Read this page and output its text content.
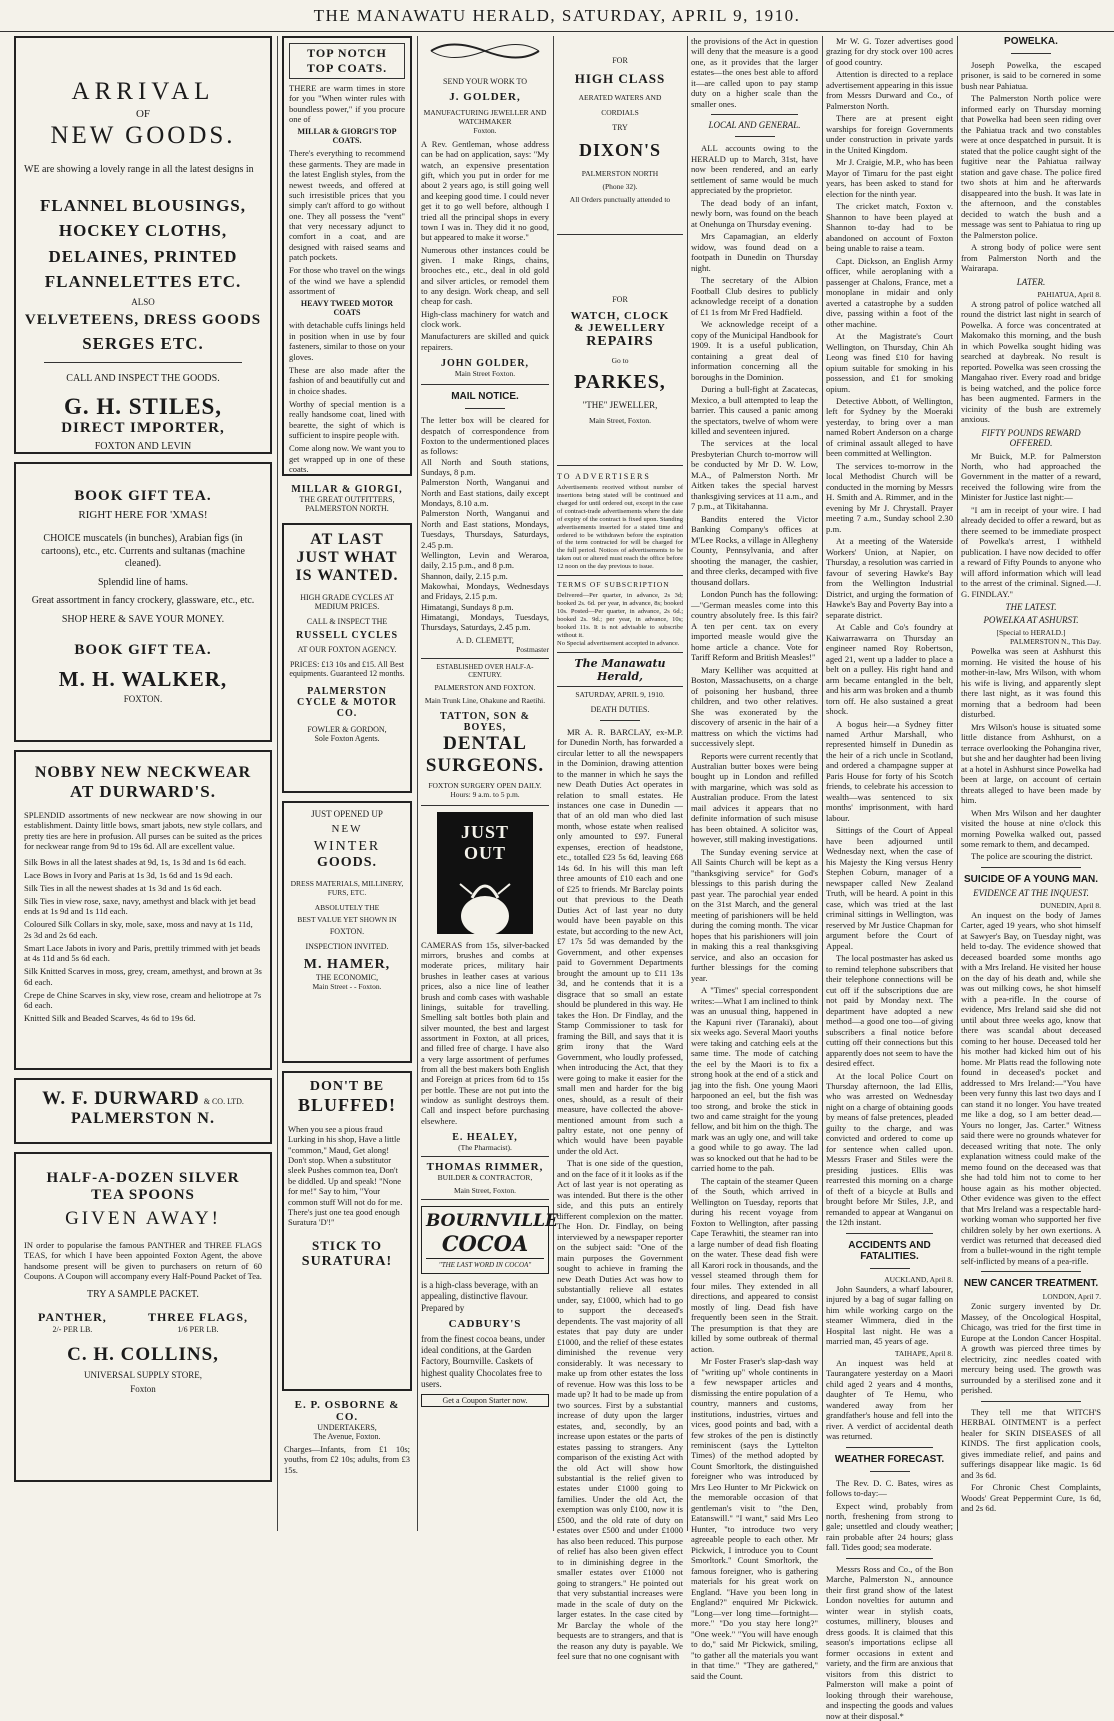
THE MANAWATU HERALD, SATURDAY, APRIL 9, 1910.
ARRIVAL
OF
NEW GOODS.
WE are showing a lovely range in all the latest designs in
FLANNEL BLOUSINGS,
HOCKEY CLOTHS,
DELAINES, PRINTED
FLANNELETTES ETC.
ALSO
VELVETEENS, DRESS GOODS
SERGES ETC.
CALL AND INSPECT THE GOODS.
G. H. STILES,
DIRECT IMPORTER,
FOXTON AND LEVIN
BOOK GIFT TEA.
RIGHT HERE FOR 'XMAS!
CHOICE muscatels (in bunches), Arabian figs (in cartoons), etc., etc. Currents and sultanas (machine cleaned).
Splendid line of hams.
Great assortment in fancy crockery, glassware, etc., etc.
SHOP HERE & SAVE YOUR MONEY.
BOOK GIFT TEA.
M. H. WALKER,
FOXTON.
NOBBY NEW NECKWEAR
AT DURWARD'S.
SPLENDID assortments of new neckwear are now showing in our establishment. Dainty little bows, smart jabots, new style collars, and pretty ties are here in profusion. All purses can be suited as the prices for neckwear range from 9d to 19s 6d. All are excellent value.
Silk Bows in all the latest shades at 9d, 1s, 1s 3d and 1s 6d each.
Lace Bows in Ivory and Paris at 1s 3d, 1s 6d and 1s 9d each.
Silk Ties in all the newest shades at 1s 3d and 1s 6d each.
Silk Ties in view rose, saxe, navy, amethyst and black with jet bead ends at 1s 9d and 1s 11d each.
Coloured Silk Collars in sky, mole, saxe, moss and navy at 1s 11d, 2s 3d and 2s 6d each.
Smart Lace Jabots in ivory and Paris, prettily trimmed with jet beads at 4s 11d and 5s 6d each.
Silk Knitted Scarves in moss, grey, cream, amethyst, and brown at 3s 6d each.
Crepe de Chine Scarves in sky, view rose, cream and heliotrope at 7s 6d each.
Knitted Silk and Beaded Scarves, 4s 6d to 19s 6d.
W. F. DURWARD & CO. LTD.
PALMERSTON N.
HALF-A-DOZEN SILVER
TEA SPOONS
GIVEN AWAY!
IN order to popularise the famous PANTHER and THREE FLAGS TEAS, for which I have been appointed Foxton Agent, the above handsome present will be given to purchasers on return of 60 Coupons. A Coupon will accompany every Half-Pound Packet of Tea.
TRY A SAMPLE PACKET.
PANTHER,
2/- PER LB.
THREE FLAGS,
1/6 PER LB.
C. H. COLLINS,
UNIVERSAL SUPPLY STORE,
Foxton
TOP NOTCH
TOP COATS.
THERE are warm times in store for you "When winter rules with boundless power," if you procure one of
MILLAR & GIORGI'S TOP COATS.
There's everything to recommend these garments. They are made in the latest English styles, from the newest tweeds, and offered at such irresistible prices that you simply can't afford to go without one. They all possess the "vent" that very necessary adjunct to comfort in a coat, and are designed with raised seams and patch pockets.
For those who travel on the wings of the wind we have a splendid assortment of
HEAVY TWEED MOTOR COATS
with detachable cuffs linings held in position when in use by four fasteners, similar to those on your gloves.
These are also made after the fashion of and beautifully cut and in choice shades.
Worthy of special mention is a really handsome coat, lined with bearette, the sight of which is sufficient to inspire people with.
Come along now. We want you to get wrapped up in one of these coats.
MILLAR & GIORGI,
THE GREAT OUTFITTERS,
PALMERSTON NORTH.
AT LAST
JUST WHAT
IS WANTED.
HIGH GRADE CYCLES AT MEDIUM PRICES.
CALL & INSPECT THE
RUSSELL CYCLES
AT OUR FOXTON AGENCY.
PRICES: £13 10s and £15. All Best equipments. Guaranteed 12 months.
PALMERSTON CYCLE & MOTOR CO.
FOWLER & GORDON,
Sole Foxton Agents.
JUST OPENED UP
NEW
WINTER
GOODS.
DRESS MATERIALS, MILLINERY, FURS, ETC.
ABSOLUTELY THE
BEST VALUE YET SHOWN IN
FOXTON.
INSPECTION INVITED.
M. HAMER,
THE ECONOMIC,
Main Street - - Foxton.
DON'T BE
BLUFFED!
When you see a pious fraud Lurking in his shop, Have a little "common," Maud, Get along! Don't stop. When a substitutor sleek Pushes common tea, Don't be diddled. Up and speak! "None for me!" Say to him, "Your common stuff Will not do for me. There's just one tea good enough Suratura 'D'!"
STICK TO
SURATURA!
E. P. OSBORNE & CO.
UNDERTAKERS,
The Avenue, Foxton.
Charges—Infants, from £1 10s; youths, from £2 10s; adults, from £3 15s.
SEND YOUR WORK TO
J. GOLDER,
MANUFACTURING JEWELLER AND WATCHMAKER
Foxton.
A Rev. Gentleman, whose address can be had on application, says: "My watch, an expensive presentation gift, which you put in order for me about 2 years ago, is still going well and keeping good time. I could never get it to go well before, although I tried all the principal shops in every town I was in. They did it no good, but appeared to make it worse."
Numerous other instances could be given. I make Rings, chains, brooches etc., etc., deal in old gold and silver articles, or remodel them to any design. Work cheap, and sell cheap for cash.
High-class machinery for watch and clock work.
Manufacturers are skilled and quick repairers.
JOHN GOLDER,
Main Street Foxton.
MAIL NOTICE.
The letter box will be cleared for despatch of correspondence from Foxton to the undermentioned places as follows:
All North and South stations, Sundays, 8 p.m.
Palmerston North, Wanganui and North and East stations, daily except Mondays, 8.10 a.m.
Palmerston North, Wanganui and North and East stations, Mondays, Tuesdays, Thursdays, Saturdays, 2.45 p.m.
Wellington, Levin and Weraroa, daily, 2.15 p.m., and 8 p.m.
Shannon, daily, 2.15 p.m.
Makowhai, Mondays, Wednesdays and Fridays, 2.15 p.m.
Himatangi, Sundays 8 p.m.
Himatangi, Mondays, Tuesdays, Thursdays, Saturdays, 2.45 p.m.
A. D. CLEMETT,
Postmaster
ESTABLISHED OVER HALF-A-CENTURY.
PALMERSTON AND FOXTON.
Main Trunk Line, Ohakune and Raetihi.
TATTON, SON & BOYES,
DENTAL
SURGEONS.
FOXTON SURGERY OPEN DAILY.
Hours: 9 a.m. to 5 p.m.
JUST OUT
CAMERAS from 15s, silver-backed mirrors, brushes and combs at moderate prices, military hair brushes in leather cases at various prices, also a nice line of leather brush and comb cases with washable linings, suitable for travelling. Smelling salt bottles both plain and silver mounted, the best and largest assortment in Foxton, at all prices, and filled free of charge. I have also a very large assortment of perfumes from all the best makers both English and Foreign at prices from 6d to 15s per bottle. These are not put into the window as sunlight destroys them. Call and inspect before purchasing elsewhere.
E. HEALEY,
(The Pharmacist).
THOMAS RIMMER,
BUILDER & CONTRACTOR,
Main Street, Foxton.
BOURNVILLE
COCOA
"THE LAST WORD IN COCOA"
is a high-class beverage, with an appealing, distinctive flavour. Prepared by
CADBURY'S
from the finest cocoa beans, under ideal conditions, at the Garden Factory, Bournville. Caskets of highest quality Chocolates free to users.
Get a Coupon Starter now.
FOR
HIGH CLASS
AERATED WATERS AND
CORDIALS
TRY
DIXON'S
PALMERSTON NORTH
(Phone 32).
All Orders punctually attended to
FOR
WATCH, CLOCK
& JEWELLERY
REPAIRS
Go to
PARKES,
"THE" JEWELLER,
Main Street, Foxton.
TO ADVERTISERS
Advertisements received without number of insertions being stated will be continued and charged for until ordered out, except in the case of contract-trade advertisements where the date of expiry of the contract is fixed upon. Standing advertisements inserted for a stated time and ordered to be withdrawn before the expiration of the term contracted for will be charged for the full period. Notices of advertisements to be taken out or altered must reach the office before 12 noon on the day previous to issue.
TERMS OF SUBSCRIPTION
Delivered—Per quarter, in advance, 2s 3d; booked 2s. 6d. per year, in advance, 8s; booked 10s. Posted—Per quarter, in advance, 2s 6d.; booked 2s. 9d.; per year, in advance, 10s; booked 11s. It is not advisable to subscribe without it.
No Special advertisement accepted in advance.
The Manawatu Herald,
SATURDAY, APRIL 9, 1910.
DEATH DUTIES.

MR A. R. BARCLAY, ex-M.P. for Dunedin North, has forwarded a circular letter to all the newspapers in the Dominion, drawing attention to the manner in which he says the new Death Duties Act operates in relation to small estates. He instances one case in Dunedin —that of an old man who died last month, whose estate when realised only amounted to £97. Funeral expenses, erection of headstone, etc., totalled £23 5s 6d, leaving £68 14s 6d. In his will this man left three amounts of £10 each and one of £25 to friends. Mr Barclay points out that previous to the Death Duties Act of last year no duty would have been payable on this estate, but according to the new Act, £7 17s 5d was demanded by the Government, and other expenses paid to Government Departments brought the amount up to £11 13s 3d, and he contends that it is a disgrace that so small an estate should be plundered in this way. He takes the Hon. Dr Findlay, and the Stamp Commissioner to task for framing the Bill, and says that it is grim irony that the Ward Government, who loudly professed, when introducing the Act, that they were going to make it easier for the small men and harder for the big ones, should, as a result of their measure, have collected the above-mentioned amount from such a paltry estate, not one penny of which would have been payable under the old Act.

That is one side of the question, and on the face of it it looks as if the Act of last year is not operating as was intended. But there is the other side, and this puts an entirely different complexion on the matter. The Hon. Dr. Findlay, on being interviewed by a newspaper reporter on the subject said: "One of the main purposes the Government sought to achieve in framing the new Death Duties Act was how to substantially relieve all estates under, say, £1000, which had to go to support the deceased's dependents. The vast majority of all estates that pay duty are under £1000, and the relief of these estates diminished the revenue very considerably. It was necessary to make up from other estates the loss of revenue. How was this loss to be made up? It had to be made up from two sources. First by a substantial increase of duty upon the larger estates, and, secondly, by an increase upon estates or the parts of estates passing to strangers. Any comparison of the existing Act with the old Act will show how substantial is the relief given to estates under £1000 going to families. Under the old Act, the exemption was only £100, now it is £500, and the old rate of duty on estates over £500 and under £1000 has also been reduced. This purpose of relief has also been given effect to in diminishing degree in the smaller estates over £1000 not going to strangers." He pointed out that very substantial increases were made in the scale of duty on the larger estates. In the case cited by Mr Barclay the whole of the bequests are to strangers, and that is the reason any duty is payable. We feel sure that no one cognisant with

the provisions of the Act in question will deny that the measure is a good one, as it provides that the larger estates—the ones best able to afford it—are called upon to pay stamp duty on a higher scale than the smaller ones.

LOCAL AND GENERAL.

ALL accounts owing to the HERALD up to March, 31st, have now been rendered, and an early settlement of same would be much appreciated by the proprietor.

The dead body of an infant, newly born, was found on the beach at Onehunga on Thursday evening.

Mrs Capamagian, an elderly widow, was found dead on a footpath in Dunedin on Thursday night.

The secretary of the Albion Football Club desires to publicly acknowledge receipt of a donation of £1 1s from Mr Fred Hadfield.

We acknowledge receipt of a copy of the Municipal Handbook for 1909. It is a useful publication, containing a great deal of information concerning all the boroughs in the Dominion.

During a bull-fight at Zacatecas, Mexico, a bull attempted to leap the barrier. This caused a panic among the spectators, twelve of whom were killed and seventeen injured.

The services at the local Presbyterian Church to-morrow will be conducted by Mr D. W. Low, M.A., of Palmerston North. Mr Aitken takes the special harvest thanksgiving services at 11 a.m., and 7 p.m., at Tikitahanna.

Bandits entered the Victor Banking Company's offices at M'Lee Rocks, a village in Allegheny County, Pennsylvania, and after shooting the manager, the cashier, and three clerks, decamped with five thousand dollars.

London Punch has the following:—"German measles come into this country absolutely free. Is this fair? A ten per cent. tax on every imported measle would give the home article a chance. Vote for Tariff Reform and British Measles!"

Mary Kelliher was acquitted at Boston, Massachusetts, on a charge of poisoning her husband, three children, and two other relatives. She was exonerated by the discovery of arsenic in the hair of a mattress on which the victims had successively slept.

Reports were current recently that Australian butter boxes were being bought up in London and refilled with margarine, which was sold as Australian produce. From the latest mail advices it appears that no definite information of such misuse has been obtained. A solicitor was, however, still making investigations.

The Sunday evening service at All Saints Church will be kept as a "thanksgiving service" for God's blessings to this parish during the past year. The parochial year ended on the 31st March, and the general meeting of parishioners will be held during the coming month. The vicar hopes that his parishioners will join in making this a real thanksgiving service, and also an occasion for further blessings for the coming year.

A "Times" special correspondent writes:—What I am inclined to think was an unusual thing, happened in the Kapuni river (Taranaki), about six weeks ago. Several Maori youths were taking and catching eels at the same time. The mode of catching the eel by the Maori is to fix a strong hook at the end of a stick and jag into the fish. One young Maori harpooned an eel, but the fish was too strong, and broke the stick in two and came straight for the young fellow, and bit him on the thigh. The mark was an ugly one, and will take a good while to go away. The lad was so knocked out that he had to be carried home to the pah.

The captain of the steamer Queen of the South, which arrived in Wellington on Tuesday, reports that during his recent voyage from Foxton to Wellington, after passing Cape Terawhiti, the steamer ran into a large number of dead fish floating on the water. These dead fish were all Karori rock in thousands, and the vessel steamed through them for four miles. They extended in all directions, and appeared to consist mostly of ling. Dead fish have frequently been seen in the Strait. The presumption is that they are killed by some outbreak of thermal action.

Mr Foster Fraser's slap-dash way of "writing up" whole continents in a few newspaper articles and dismissing the entire population of a country, manners and customs, institutions, industries, virtues and vices, good points and bad, with a few strokes of the pen is distinctly reminiscent (says the Lyttelton Times) of the method adopted by Count Smorltork, the distinguished foreigner who was introduced by Mrs Leo Hunter to Mr Pickwick on the memorable occasion of that gentleman's visit to "the Den, Eatanswill." "I want," said Mrs Leo Hunter, "to introduce two very agreeable people to each other. Mr Pickwick, I introduce you to Count Smorltork." Count Smorltork, the famous foreigner, who is gathering materials for his great work on England. "Have you been long in England?" enquired Mr Pickwick. "Long—ver long time—fortnight—more." "Do you stay here long?" "One week." "You will have enough to do," said Mr Pickwick, smiling, "to gather all the materials you want in that time." "They are gathered," said the Count.

Mr W. G. Tozer advertises good grazing for dry stock over 100 acres of good country.

Attention is directed to a replace advertisement appearing in this issue from Messrs Durward and Co., of Palmerston North.

There are at present eight warships for foreign Governments under construction in private yards in the United Kingdom.

Mr J. Craigie, M.P., who has been Mayor of Timaru for the past eight years, has been asked to stand for election for the ninth year.

The cricket match, Foxton v. Shannon to have been played at Shannon to-day had to be abandoned on account of Foxton being unable to raise a team.

Capt. Dickson, an English Army officer, while aeroplaning with a passenger at Chalons, France, met a monoplane in midair and only averted a catastrophe by a sudden dive, passing within a foot of the other machine.

At the Magistrate's Court Wellington, on Thursday, Chin Ah Leong was fined £10 for having opium suitable for smoking in his possession, and £1 for smoking opium.

Detective Abbott, of Wellington, left for Sydney by the Moeraki yesterday, to bring over a man named Robert Anderson on a charge of criminal assault alleged to have been committed at Wellington.

The services to-morrow in the local Methodist Church will be conducted in the morning by Messrs H. Smith and A. Rimmer, and in the evening by Mr J. Chrystall. Prayer meeting 7 a.m., Sunday school 2.30 p.m.

At a meeting of the Waterside Workers' Union, at Napier, on Thursday, a resolution was carried in favour of severing Hawke's Bay from the Wellington Industrial District, and urging the formation of Hawke's Bay and Poverty Bay into a separate district.

At Cable and Co's foundry at Kaiwarrawarra on Thursday an engineer named Roy Robertson, aged 21, went up a ladder to place a belt on a pulley. His right hand and arm became entangled in the belt, and his arm was broken and a thumb torn off. He also sustained a great shock.

A bogus heir—a Sydney fitter named Arthur Marshall, who represented himself in Dunedin as the heir of a rich uncle in Scotland, and ordered a champagne supper at Paris House for forty of his Scotch friends, to celebrate his accession to wealth—was sentenced to six months' imprisonment, with hard labour.

Sittings of the Court of Appeal have been adjourned until Wednesday next, when the case of his Majesty the King versus Henry Stephen Coburn, manager of a newspaper called New Zealand Truth, will be heard. A point in this case, which was tried at the last criminal sittings in Wellington, was reserved by Mr Justice Chapman for argument before the Court of Appeal.

The local postmaster has asked us to remind telephone subscribers that their telephone connections will be cut off if the subscriptions due are not paid by Monday next. The department have adopted a new method—a good one too—of giving subscribers a final notice before cutting off their connections but this apparently does not seem to have the desired effect.

At the local Police Court on Thursday afternoon, the lad Ellis, who was arrested on Wednesday night on a charge of obtaining goods by means of false pretences, pleaded guilty to the charge, and was convicted and ordered to come up for sentence when called upon. Messrs Fraser and Stiles were the presiding justices. Ellis was rearrested this morning on a charge of theft of a bicycle at Bulls and brought before Mr Stiles, J.P., and remanded to appear at Wanganui on the 12th instant.

ACCIDENTS AND FATALITIES.
AUCKLAND, April 8.

John Saunders, a wharf labourer, injured by a bag of sugar falling on him while working cargo on the steamer Wimmera, died in the Hospital last night. He was a married man, 45 years of age.

TAIHAPE, April 8.

An inquest was held at Taurangatere yesterday on a Maori child aged 2 years and 4 months, daughter of Te Hemu, who wandered away from her grandfather's house and fell into the river. A verdict of accidental death was returned.

WEATHER FORECAST.

The Rev. D. C. Bates, wires as follows to-day:—

Expect wind, probably from north, freshening from strong to gale; unsettled and cloudy weather; rain probable after 24 hours; glass fall. Tides good; sea moderate.

Messrs Ross and Co., of the Bon Marche, Palmerston N., announce their first grand show of the latest London novelties for autumn and winter wear in stylish coats, costumes, millinery, blouses and dress goods. It is claimed that this season's importations eclipse all former occasions in extent and variety, and the firm are anxious that visitors from this district to Palmerston will make a point of looking through their warehouse, and inspecting the goods and values now at their disposal.*

POWELKA.

Joseph Powelka, the escaped prisoner, is said to be cornered in some bush near Pahiatua.

The Palmerston North police were informed early on Thursday morning that Powelka had been seen riding over the Pahiatua track and two constables were at once despatched in pursuit. It is stated that the police caught sight of the fugitive near the Pahiatua railway station and gave chase. The police fired two shots at him and he afterwards disappeared into the bush. It was late in the afternoon, and the constables decided to watch the bush and a message was sent to Pahiatua to ring up the Palmerston police.

A strong body of police were sent from Palmerston North and the Wairarapa.

LATER.
PAHIATUA, April 8.

A strong patrol of police watched all round the district last night in search of Powelka. A force was concentrated at Makomako this morning, and the bush in which Powelka sought hiding was searched at daybreak. No result is reported. Powelka was seen crossing the Mangahao river. Every road and bridge is being watched, and the police force has been augmented. Farmers in the vicinity of the bush are extremely anxious.

FIFTY POUNDS REWARD OFFERED.

Mr Buick, M.P. for Palmerston North, who had approached the Government in the matter of a reward, received the following wire from the Minister for Justice last night:—

"I am in receipt of your wire. I had already decided to offer a reward, but as there seemed to be immediate prospect of Powelka's arrest, I withheld publication. I have now decided to offer a reward of Fifty Pounds to anyone who will afford information which will lead to the arrest of the criminal. Signed.—J. G. FINDLAY."

THE LATEST.
POWELKA AT ASHURST.
[Special to HERALD.]
PALMERSTON N., This Day.

Powelka was seen at Ashhurst this morning. He visited the house of his mother-in-law, Mrs Wilson, with whom his wife is living, and apparently slept there last night, as it was found this morning that a bedroom had been disturbed.

Mrs Wilson's house is situated some little distance from Ashhurst, on a terrace overlooking the Pohangina river, but she and her daughter had been living at a hotel in Ashhurst since Powelka had been at large, on account of certain threats alleged to have been made by him.

When Mrs Wilson and her daughter visited the house at nine o'clock this morning Powelka walked out, passed some remark to them, and decamped.

The police are scouring the district.

SUICIDE OF A YOUNG MAN.
EVIDENCE AT THE INQUEST.
DUNEDIN, April 8.

An inquest on the body of James Carter, aged 19 years, who shot himself at Sawyer's Bay, on Tuesday night, was held to-day. The evidence showed that deceased boarded some months ago with a Mrs Ireland. He visited her house on the day of his death and, while she was out milking cows, he shot himself with a pea-rifle. In the course of evidence, Mrs Ireland said she did not until about three weeks ago, know that there was scandal about deceased coming to her house. Deceased told her his mother had kicked him out of his home. Mr Platts read the following note found in deceased's pocket and addressed to Mrs Ireland:—"You have been very funny this last two days and I can stand it no longer. You have treated me like a dog, so I am better dead.—Yours no longer, Jas. Carter." Witness said there were no grounds whatever for deceased writing that note. The only explanation witness could make of the memo found on the deceased was that she had told him not to come to her house again as his mother objected. Other evidence was given to the effect that Mrs Ireland was a respectable hard-working woman who supported her five children solely by her own exertions. A verdict was returned that deceased died from a bullet-wound in the right temple self-inflicted by means of a pea-rifle.

NEW CANCER TREATMENT.
LONDON, April 7.

Zonic surgery invented by Dr. Massey, of the Oncological Hospital, Chicago, was tried for the first time in Europe at the London Cancer Hospital. A growth was pierced three times by electricity, zinc needles coated with mercury being used. The growth was surrounded by a sterilised zone and it perished.

They tell me that WITCH'S HERBAL OINTMENT is a perfect healer for SKIN DISEASES of all KINDS. The first application cools, gives immediate relief, and pains and sufferings disappear like magic. 1s 6d and 3s 6d.

For Chronic Chest Complaints, Woods' Great Peppermint Cure, 1s 6d, and 2s 6d.
